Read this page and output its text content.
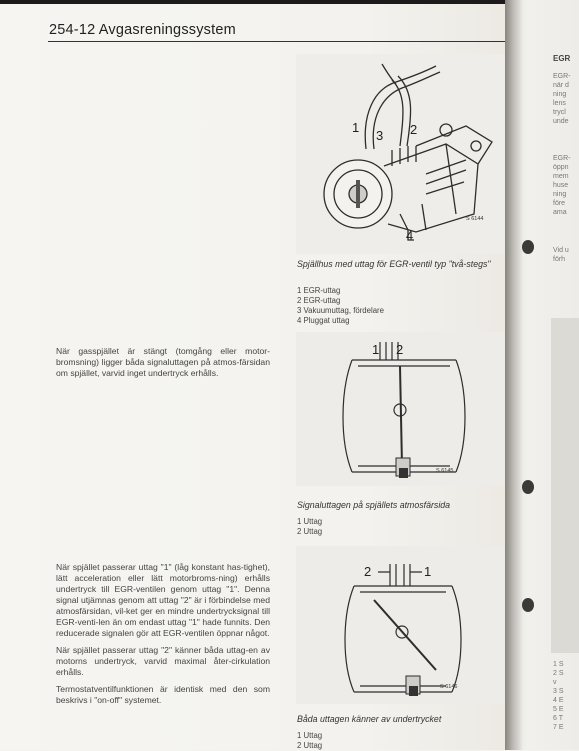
254-12 Avgasreningssystem
1
3 2
4
S 6144
Spjällhus med uttag för EGR-ventil typ "två-stegs"
1 EGR-uttag
2 EGR-uttag
3 Vakuumuttag, fördelare
4 Pluggat uttag
När gasspjället är stängt (tomgång eller motor-bromsning) ligger båda signaluttagen på atmos-färsidan om spjället, varvid inget undertryck erhålls.
1 2
S 6145
Signaluttagen på spjällets atmosfärsida
1 Uttag
2 Uttag

När spjället passerar uttag "1" (låg konstant has-tighet), lätt acceleration eller lätt motorbroms-ning) erhålls undertryck till EGR-ventilen genom uttag "1". Denna signal utjämnas genom att uttag "2" är i förbindelse med atmosfärsidan, vil-ket ger en mindre undertrycksignal till EGR-venti-len än om endast uttag "1" hade funnits. Den reducerade signalen gör att EGR-ventilen öppnar något.

När spjället passerar uttag "2" känner båda uttag-en av motorns undertryck, varvid maximal åter-cirkulation erhålls.

Termostatventilfunktionen är identisk med den som beskrivs i "on-off" systemet.

2	1
S 6146
Båda uttagen känner av undertrycket
1 Uttag
2 Uttag
EGR
EGR-
när d
ning
lens
trycl
unde
EGR-
öppn
mem
huse
ning
före
ama
Vid u
förh
1 S
2 S
v
3 S
4 E
5 E
6 T
7 E
